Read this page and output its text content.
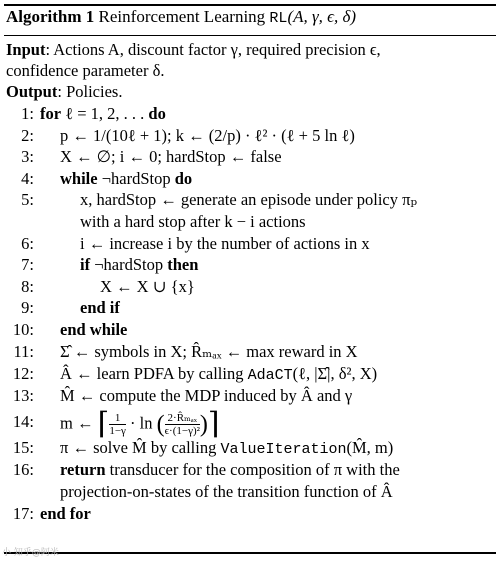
Algorithm 1 Reinforcement Learning RL(A, γ, ϵ, δ)
Input: Actions A, discount factor γ, required precision ϵ,
confidence parameter δ.
Output: Policies.
1: for ℓ = 1, 2, . . . do
2: p ← 1/(10ℓ + 1); k ← (2/p) · ℓ² · (ℓ + 5 ln ℓ)
3: X ← ∅; i ← 0; hardStop ← false
4: while ¬hardStop do
5:	x, hardStop ← generate an episode under policy πₚ
with a hard stop after k − i actions
6:	i ← increase i by the number of actions in x
7:	if ¬hardStop then
8:	X ← X ∪ {x}
9:	end if
10: end while
11: Σ̂ ← symbols in X; R̂ₘₐₓ ← max reward in X
12: Â ← learn PDFA by calling AdaCT(ℓ, |Σ̂|, δ², X)
13: M̂ ← compute the MDP induced by Â and γ
14: m ← ⌈ $\frac{1}{1-\gamma} \cdot \ln$ ( $\frac{\text{2·R̂ₘₐₓ}}{\text{ϵ·(1−γ)²}}$ )⌉
15: π ← solve M̂ by calling ValueIteration(M̂, m)
16: return transducer for the composition of π with the
projection-on-states of the transition function of Â
17: end for
小 知乎@阿米
